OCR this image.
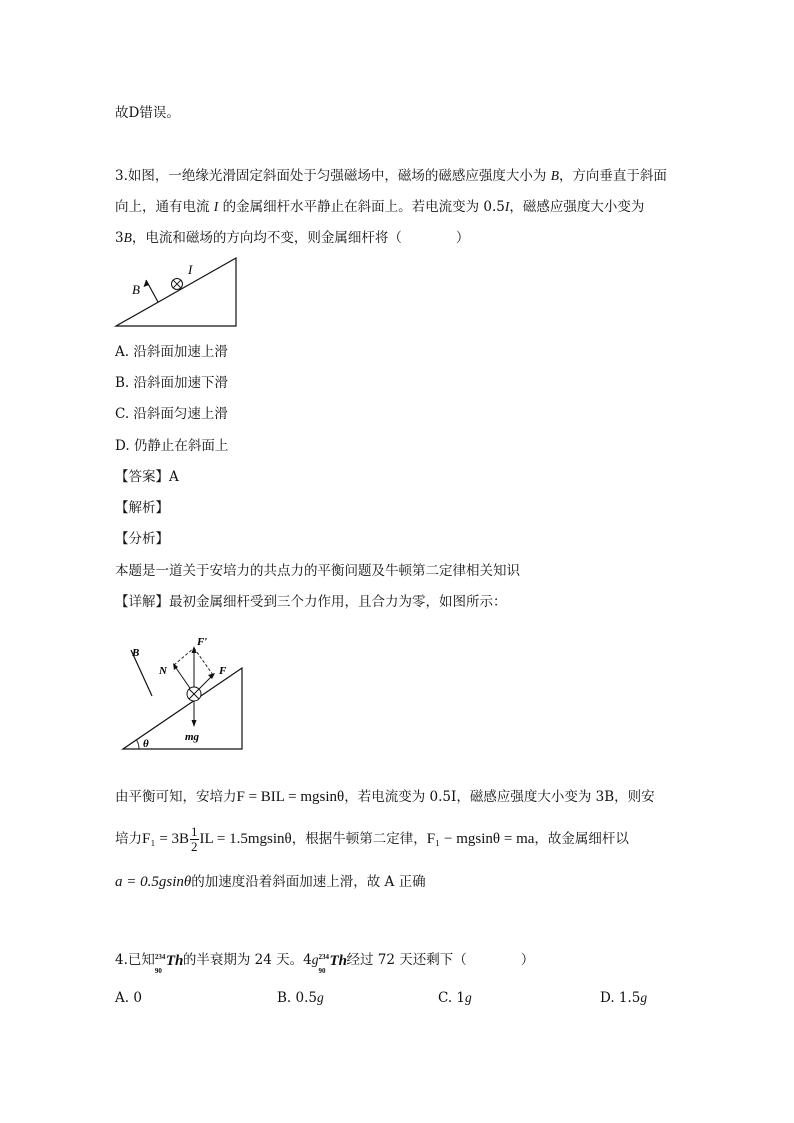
故D错误。
3.如图，一绝缘光滑固定斜面处于匀强磁场中，磁场的磁感应强度大小为 B，方向垂直于斜面
向上，通有电流 I 的金属细杆水平静止在斜面上。若电流变为 0.5I，磁感应强度大小变为
3B，电流和磁场的方向均不变，则金属细杆将（　　　　）
B
I
A. 沿斜面加速上滑
B. 沿斜面加速下滑
C. 沿斜面匀速上滑
D. 仍静止在斜面上
【答案】A
【解析】
【分析】
本题是一道关于安培力的共点力的平衡问题及牛顿第二定律相关知识
【详解】最初金属细杆受到三个力作用，且合力为零，如图所示：
B
F′
N	F
mg
θ
由平衡可知，安培力F = BIL = mgsinθ，若电流变为 0.5I，磁感应强度大小变为 3B，则安
培力$F_1 = 3B \frac{1}{2}$ IL = 1.5mgsinθ，根据牛顿第二定律，F₁ − mgsinθ = ma，故金属细杆以
a = 0.5gsinθ的加速度沿着斜面加速上滑，故 A 正确
4.已知 234
90
Th 的半衰期为 24 天。4g 234
90
Th 经过 72 天还剩下（　　　　）
A. 0	B. 0.5g	C. 1g	D. 1.5g
